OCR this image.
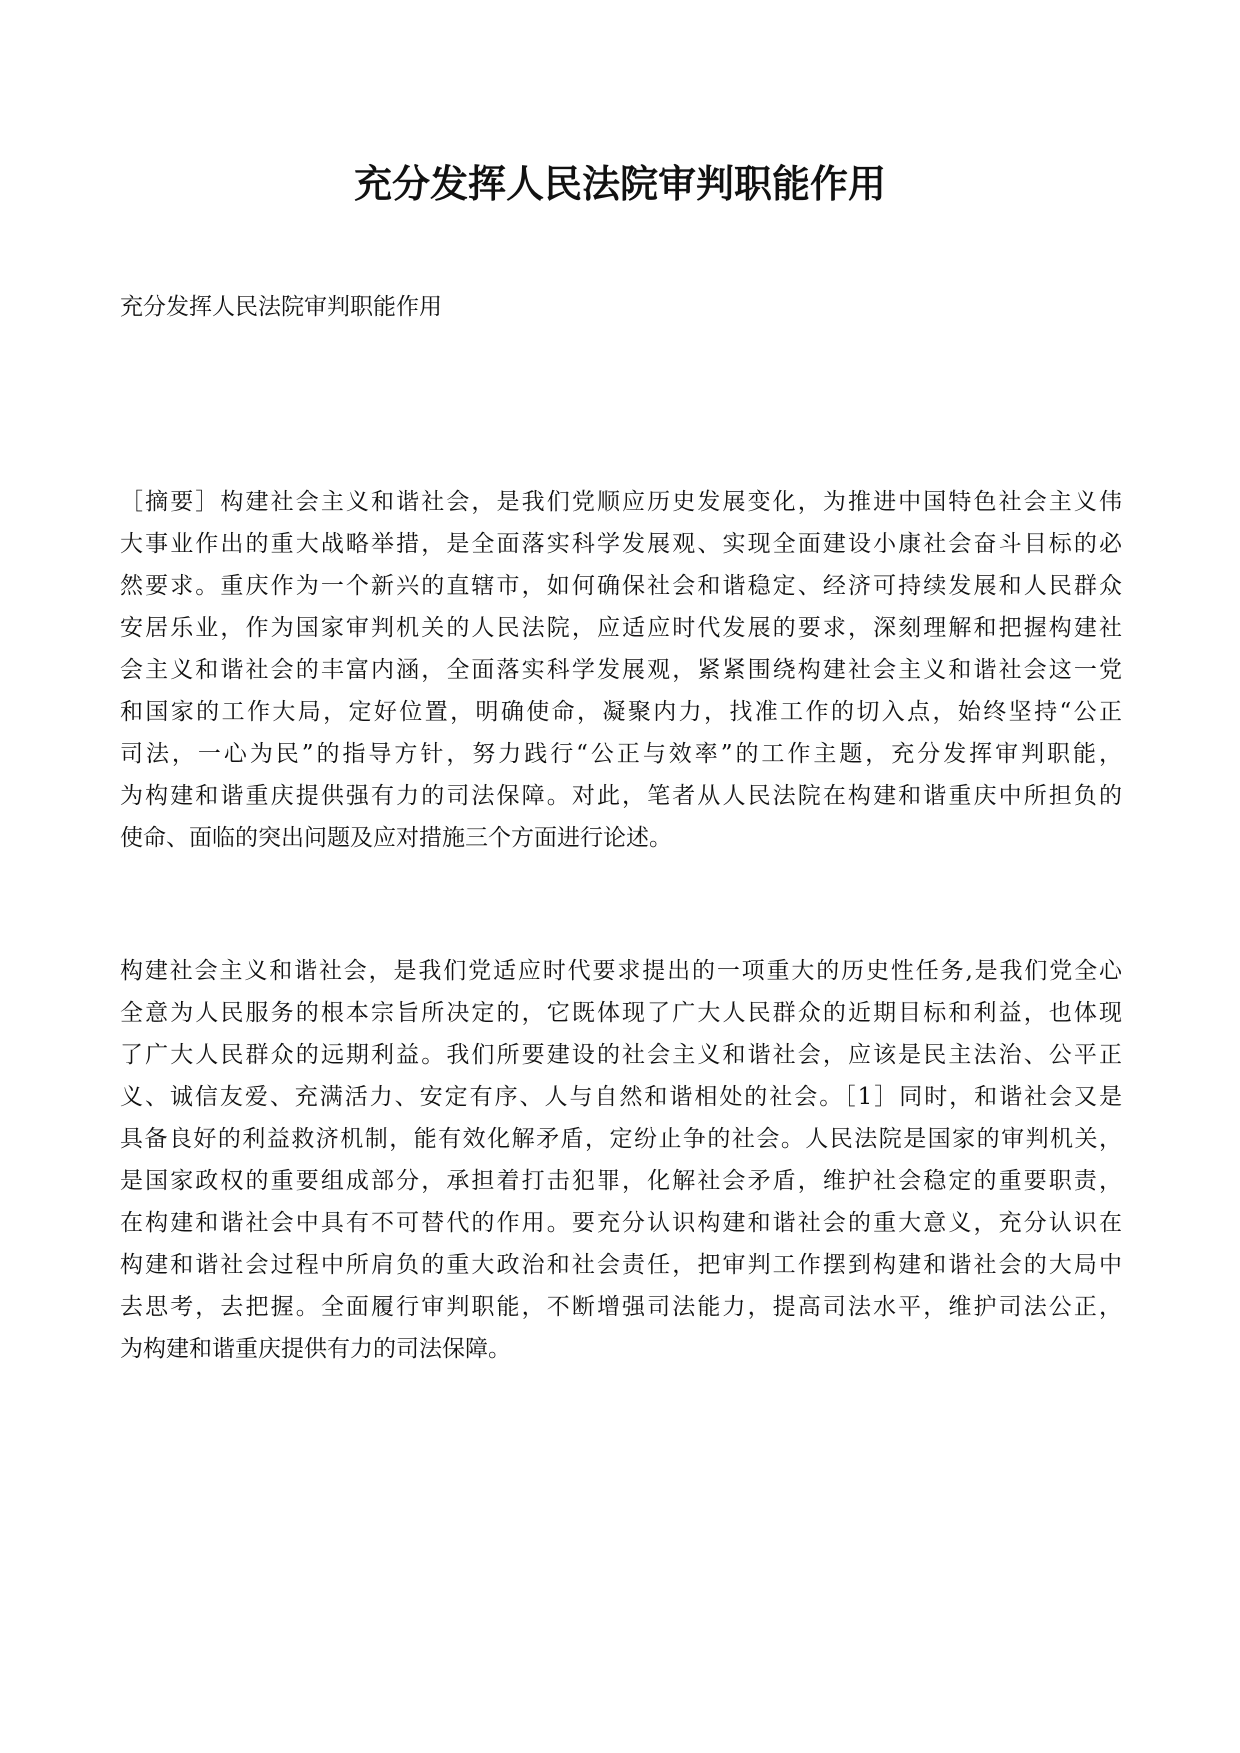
充分发挥人民法院审判职能作用
充分发挥人民法院审判职能作用
［摘要］构建社会主义和谐社会，是我们党顺应历史发展变化，为推进中国特色社会主义伟
大事业作出的重大战略举措，是全面落实科学发展观、实现全面建设小康社会奋斗目标的必
然要求。重庆作为一个新兴的直辖市，如何确保社会和谐稳定、经济可持续发展和人民群众
安居乐业，作为国家审判机关的人民法院，应适应时代发展的要求，深刻理解和把握构建社
会主义和谐社会的丰富内涵，全面落实科学发展观，紧紧围绕构建社会主义和谐社会这一党
和国家的工作大局，定好位置，明确使命，凝聚内力，找准工作的切入点，始终坚持“公正
司法，一心为民”的指导方针，努力践行“公正与效率”的工作主题，充分发挥审判职能，
为构建和谐重庆提供强有力的司法保障。对此，笔者从人民法院在构建和谐重庆中所担负的
使命、面临的突出问题及应对措施三个方面进行论述。
构建社会主义和谐社会，是我们党适应时代要求提出的一项重大的历史性任务,是我们党全心
全意为人民服务的根本宗旨所决定的，它既体现了广大人民群众的近期目标和利益，也体现
了广大人民群众的远期利益。我们所要建设的社会主义和谐社会，应该是民主法治、公平正
义、诚信友爱、充满活力、安定有序、人与自然和谐相处的社会。［1］同时，和谐社会又是
具备良好的利益救济机制，能有效化解矛盾，定纷止争的社会。人民法院是国家的审判机关，
是国家政权的重要组成部分，承担着打击犯罪，化解社会矛盾，维护社会稳定的重要职责，
在构建和谐社会中具有不可替代的作用。要充分认识构建和谐社会的重大意义，充分认识在
构建和谐社会过程中所肩负的重大政治和社会责任，把审判工作摆到构建和谐社会的大局中
去思考，去把握。全面履行审判职能，不断增强司法能力，提高司法水平，维护司法公正，
为构建和谐重庆提供有力的司法保障。
